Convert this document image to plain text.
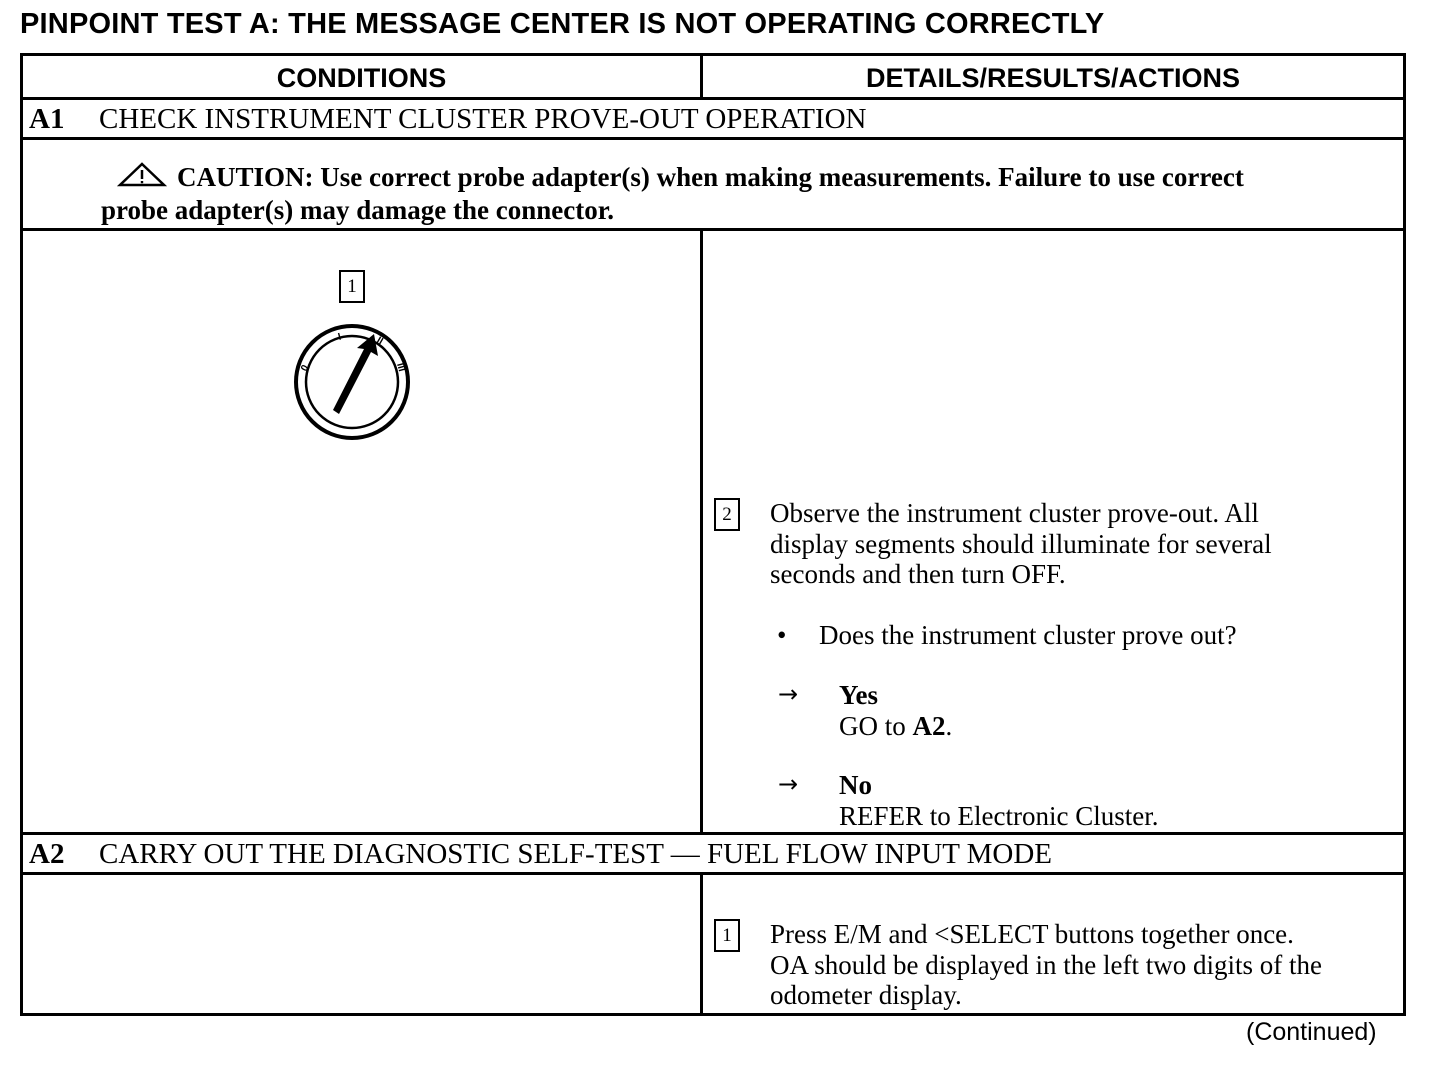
PINPOINT TEST A: THE MESSAGE CENTER IS NOT OPERATING CORRECTLY
CONDITIONS	DETAILS/RESULTS/ACTIONS
A1 CHECK INSTRUMENT CLUSTER PROVE-OUT OPERATION
CAUTION: Use correct probe adapter(s) when making measurements. Failure to use correct
probe adapter(s) may damage the connector.
1
0
I	II
III
2	Observe the instrument cluster prove-out. All
display segments should illuminate for several
seconds and then turn OFF.
• Does the instrument cluster prove out?
→ Yes
GO to A2.
→ No
REFER to Electronic Cluster.
A2 CARRY OUT THE DIAGNOSTIC SELF-TEST — FUEL FLOW INPUT MODE
1	Press E/M and <SELECT buttons together once.
OA should be displayed in the left two digits of the
odometer display.
(Continued)
